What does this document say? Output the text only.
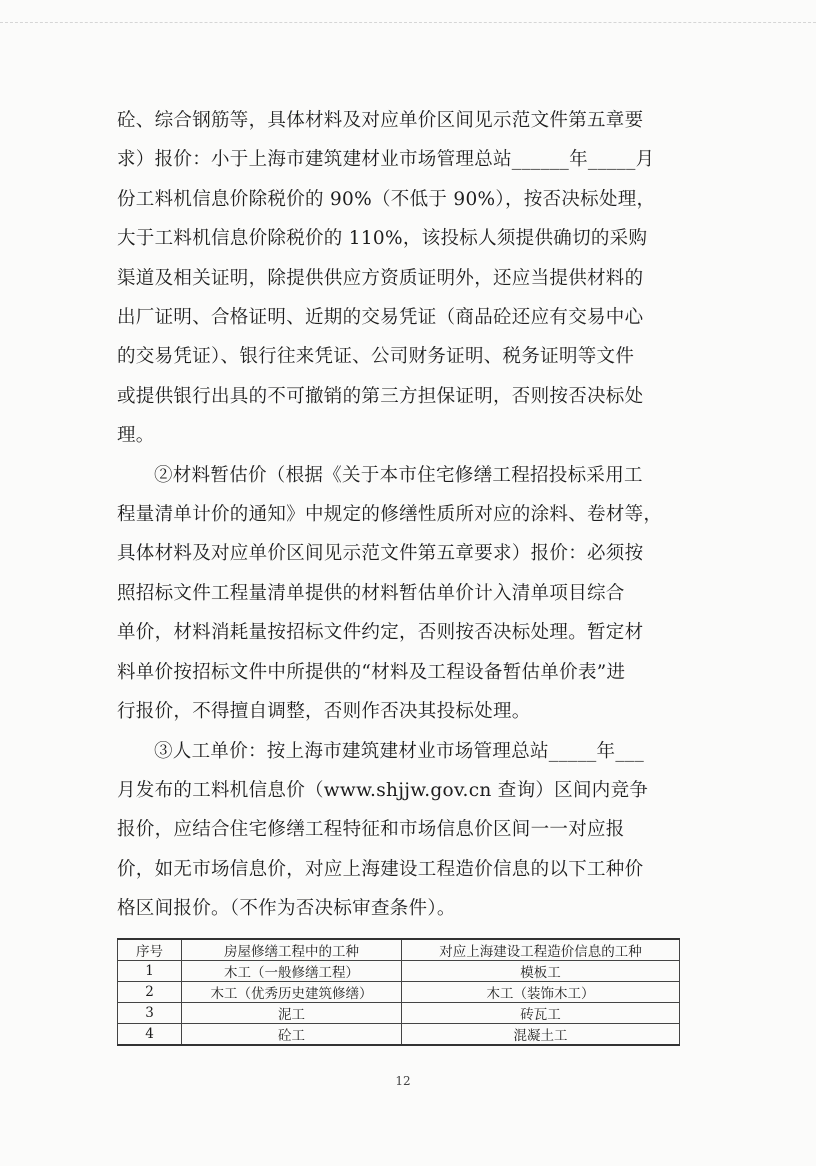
砼、综合钢筋等，具体材料及对应单价区间见示范文件第五章要
求）报价：小于上海市建筑建材业市场管理总站______年_____月
份工料机信息价除税价的 90%（不低于 90%），按否决标处理，
大于工料机信息价除税价的 110%，该投标人须提供确切的采购
渠道及相关证明，除提供供应方资质证明外，还应当提供材料的
出厂证明、合格证明、近期的交易凭证（商品砼还应有交易中心
的交易凭证）、银行往来凭证、公司财务证明、税务证明等文件
或提供银行出具的不可撤销的第三方担保证明，否则按否决标处
理。

②材料暂估价（根据《关于本市住宅修缮工程招投标采用工
程量清单计价的通知》中规定的修缮性质所对应的涂料、卷材等，
具体材料及对应单价区间见示范文件第五章要求）报价：必须按
照招标文件工程量清单提供的材料暂估单价计入清单项目综合
单价，材料消耗量按招标文件约定，否则按否决标处理。暂定材
料单价按招标文件中所提供的“材料及工程设备暂估单价表”进
行报价，不得擅自调整，否则作否决其投标处理。

③人工单价：按上海市建筑建材业市场管理总站_____年___
月发布的工料机信息价（www.shjjw.gov.cn 查询）区间内竞争
报价，应结合住宅修缮工程特征和市场信息价区间一一对应报
价，如无市场信息价，对应上海建设工程造价信息的以下工种价
格区间报价。（不作为否决标审查条件）。

序号	房屋修缮工程中的工种	对应上海建设工程造价信息的工种
1	木工（一般修缮工程）	模板工
2	木工（优秀历史建筑修缮）	木工（装饰木工）
3	泥工	砖瓦工
4	砼工	混凝土工
12
